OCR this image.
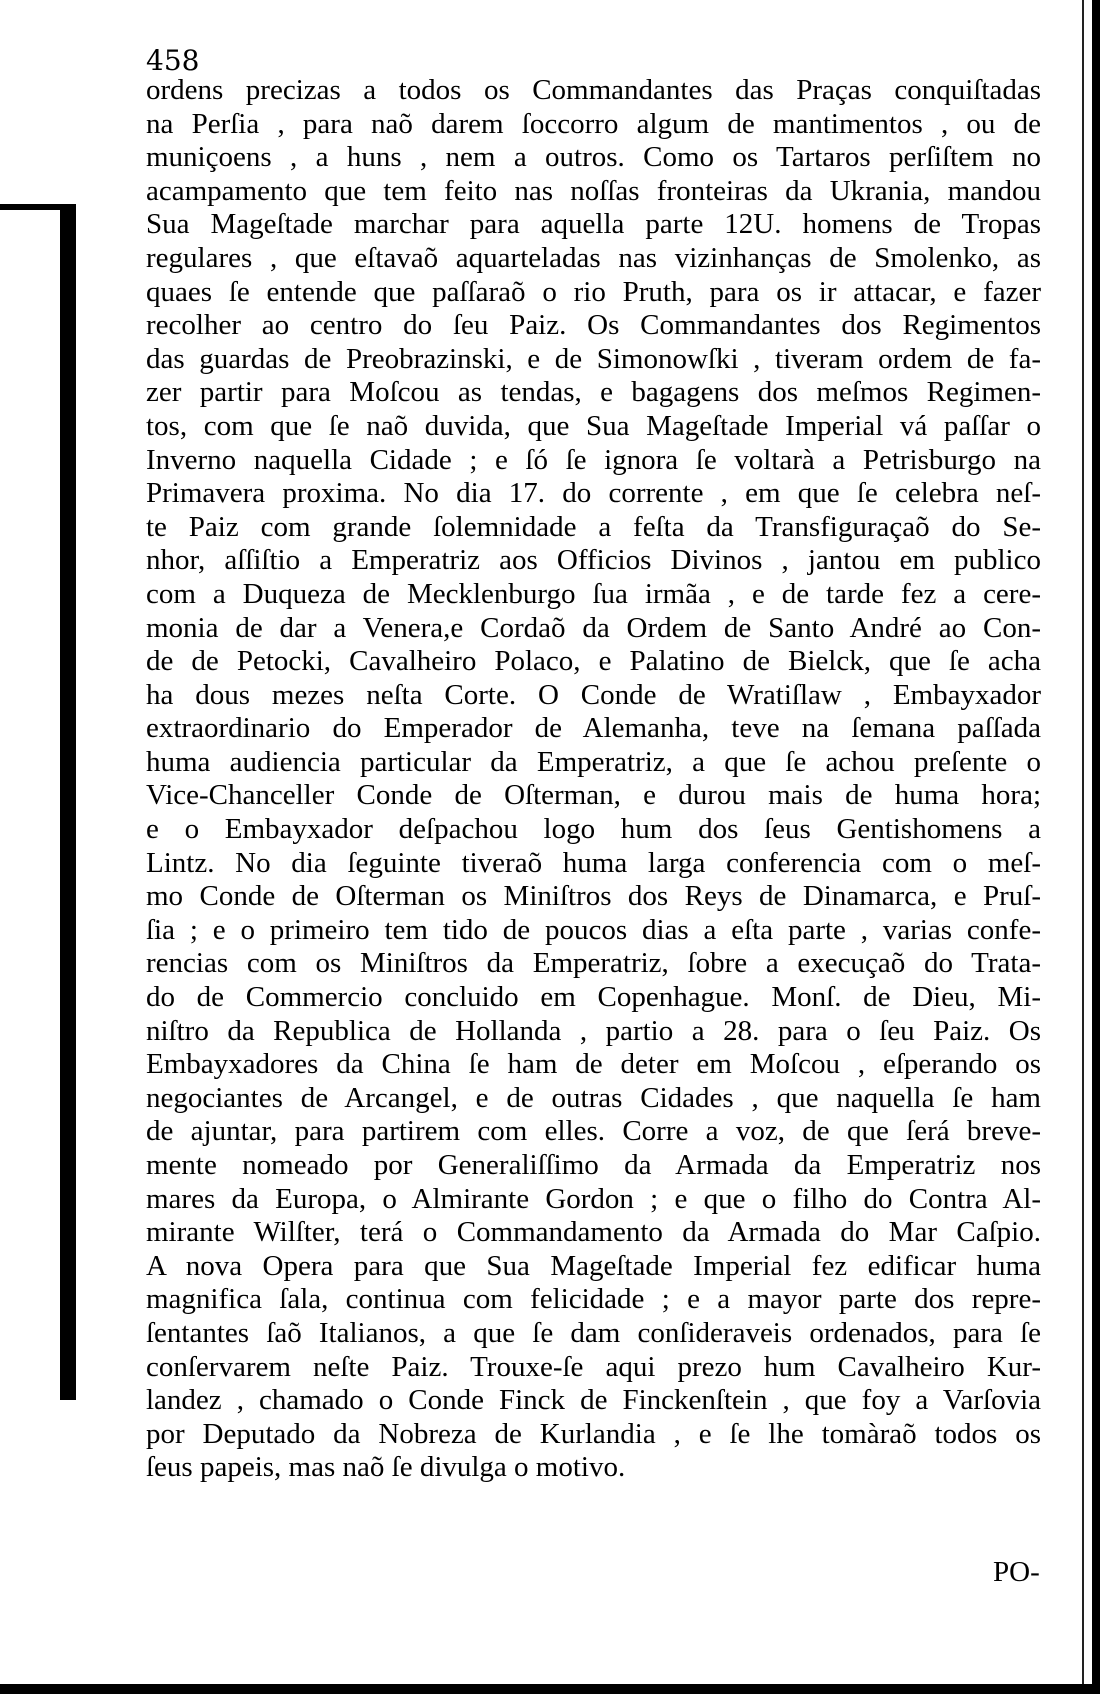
458
ordens precizas a todos os Commandantes das Praças conquiſtadas
na Perſia , para naõ darem ſoccorro algum de mantimentos , ou de
muniçoens , a huns , nem a outros. Como os Tartaros perſiſtem no
acampamento que tem feito nas noſſas fronteiras da Ukrania, mandou
Sua Mageſtade marchar para aquella parte 12U. homens de Tropas
regulares , que eſtavaõ aquarteladas nas vizinhanças de Smolenko, as
quaes ſe entende que paſſaraõ o rio Pruth, para os ir attacar, e fazer
recolher ao centro do ſeu Paiz. Os Commandantes dos Regimentos
das guardas de Preobrazinski, e de Simonowſki , tiveram ordem de fa-
zer partir para Moſcou as tendas, e bagagens dos meſmos Regimen-
tos, com que ſe naõ duvida, que Sua Mageſtade Imperial vá paſſar o
Inverno naquella Cidade ; e ſó ſe ignora ſe voltarà a Petrisburgo na
Primavera proxima. No dia 17. do corrente , em que ſe celebra neſ-
te Paiz com grande ſolemnidade a feſta da Transfiguraçaõ do Se-
nhor, aſſiſtio a Emperatriz aos Officios Divinos , jantou em publico
com a Duqueza de Mecklenburgo ſua irmãa , e de tarde fez a cere-
monia de dar a Venera,e Cordaõ da Ordem de Santo André ao Con-
de de Petocki, Cavalheiro Polaco, e Palatino de Bielck, que ſe acha
ha dous mezes neſta Corte. O Conde de Wratiſlaw , Embayxador
extraordinario do Emperador de Alemanha, teve na ſemana paſſada
huma audiencia particular da Emperatriz, a que ſe achou preſente o
Vice-Chanceller Conde de Oſterman, e durou mais de huma hora;
e o Embayxador deſpachou logo hum dos ſeus Gentishomens a
Lintz. No dia ſeguinte tiveraõ huma larga conferencia com o meſ-
mo Conde de Oſterman os Miniſtros dos Reys de Dinamarca, e Pruſ-
ſia ; e o primeiro tem tido de poucos dias a eſta parte , varias confe-
rencias com os Miniſtros da Emperatriz, ſobre a execuçaõ do Trata-
do de Commercio concluido em Copenhague. Monſ. de Dieu, Mi-
niſtro da Republica de Hollanda , partio a 28. para o ſeu Paiz. Os
Embayxadores da China ſe ham de deter em Moſcou , eſperando os
negociantes de Arcangel, e de outras Cidades , que naquella ſe ham
de ajuntar, para partirem com elles. Corre a voz, de que ſerá breve-
mente nomeado por Generaliſſimo da Armada da Emperatriz nos
mares da Europa, o Almirante Gordon ; e que o filho do Contra Al-
mirante Wilſter, terá o Commandamento da Armada do Mar Caſpio.
A nova Opera para que Sua Mageſtade Imperial fez edificar huma
magnifica ſala, continua com felicidade ; e a mayor parte dos repre-
ſentantes ſaõ Italianos, a que ſe dam conſideraveis ordenados, para ſe
conſervarem neſte Paiz. Trouxe-ſe aqui prezo hum Cavalheiro Kur-
landez , chamado o Conde Finck de Finckenſtein , que foy a Varſovia
por Deputado da Nobreza de Kurlandia , e ſe lhe tomàraõ todos os
ſeus papeis, mas naõ ſe divulga o motivo.
PO-
